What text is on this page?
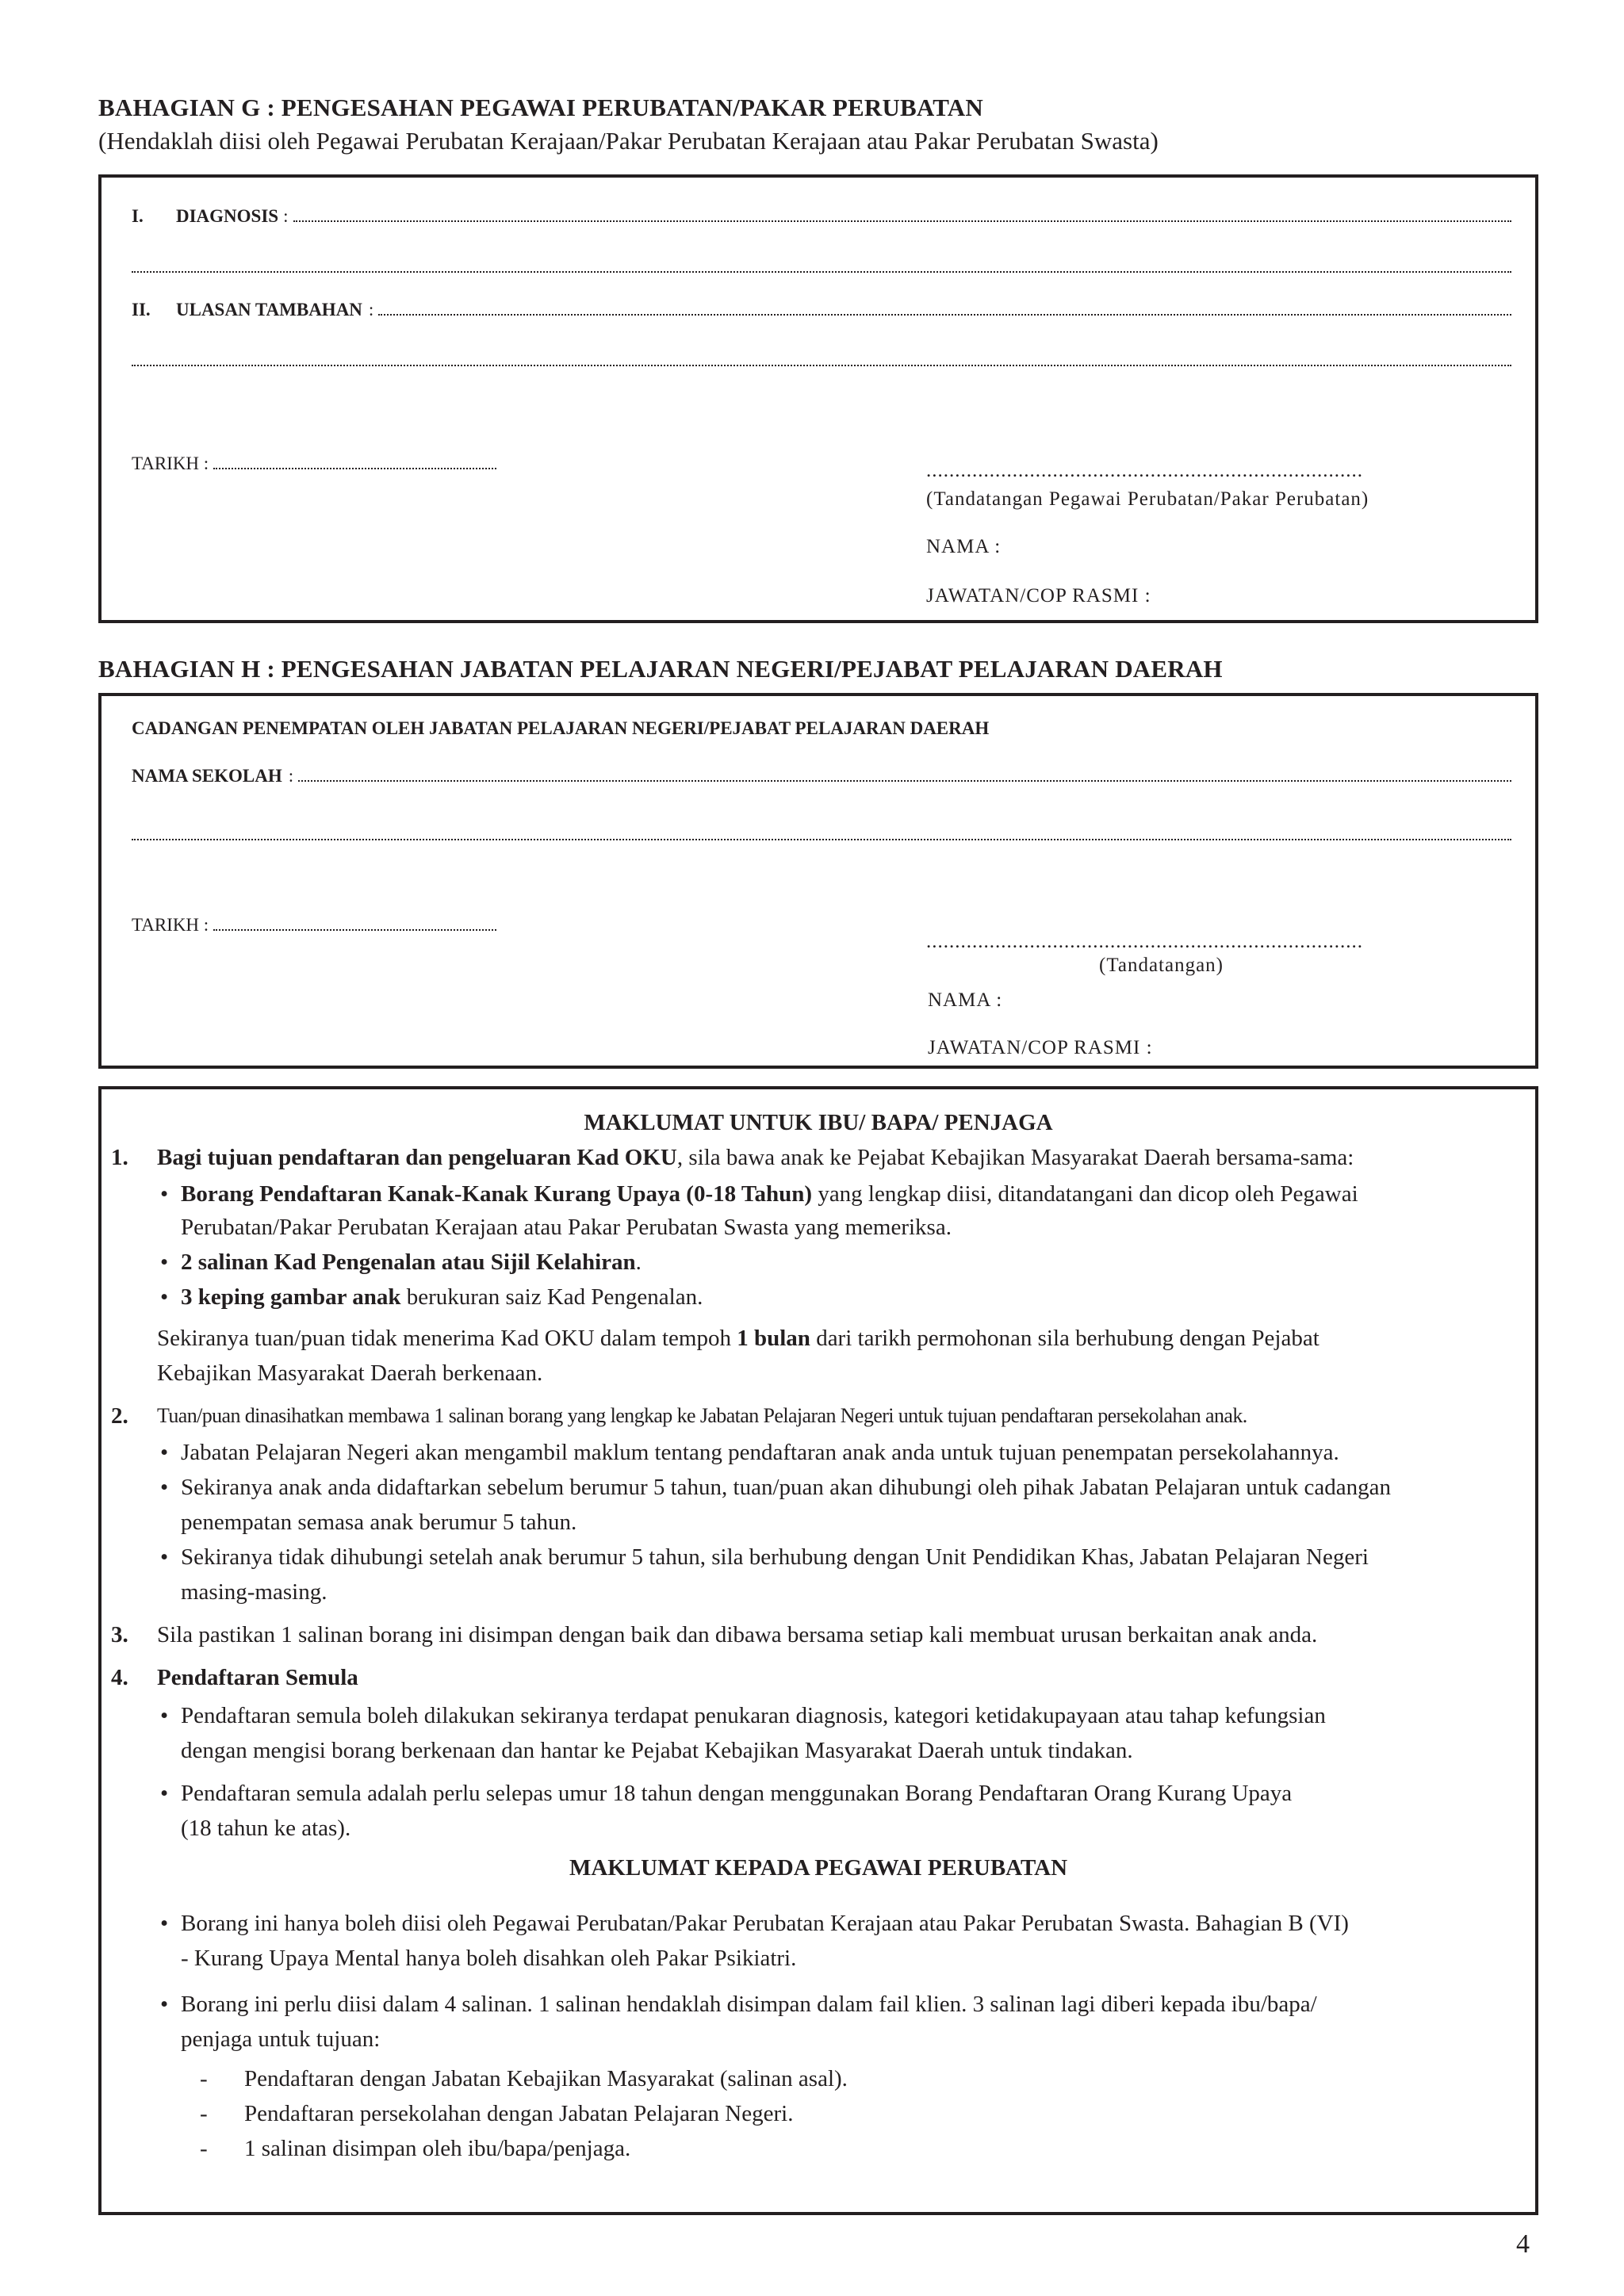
BAHAGIAN G : PENGESAHAN PEGAWAI PERUBATAN/PAKAR PERUBATAN
(Hendaklah diisi oleh Pegawai Perubatan Kerajaan/Pakar Perubatan Kerajaan atau Pakar Perubatan Swasta)
I.	DIAGNOSIS :
II.	ULASAN TAMBAHAN :
TARIKH :	............................................................................
(Tandatangan Pegawai Perubatan/Pakar Perubatan)
NAMA :
JAWATAN/COP RASMI :
BAHAGIAN H : PENGESAHAN JABATAN PELAJARAN NEGERI/PEJABAT PELAJARAN DAERAH
CADANGAN PENEMPATAN OLEH JABATAN PELAJARAN NEGERI/PEJABAT PELAJARAN DAERAH
NAMA SEKOLAH :
TARIKH :
............................................................................
(Tandatangan)
NAMA :
JAWATAN/COP RASMI :
MAKLUMAT UNTUK IBU/ BAPA/ PENJAGA
1. Bagi tujuan pendaftaran dan pengeluaran Kad OKU, sila bawa anak ke Pejabat Kebajikan Masyarakat Daerah bersama-sama:
• Borang Pendaftaran Kanak-Kanak Kurang Upaya (0-18 Tahun) yang lengkap diisi, ditandatangani dan dicop oleh Pegawai
Perubatan/Pakar Perubatan Kerajaan atau Pakar Perubatan Swasta yang memeriksa.
• 2 salinan Kad Pengenalan atau Sijil Kelahiran.
• 3 keping gambar anak berukuran saiz Kad Pengenalan.
Sekiranya tuan/puan tidak menerima Kad OKU dalam tempoh 1 bulan dari tarikh permohonan sila berhubung dengan Pejabat
Kebajikan Masyarakat Daerah berkenaan.
2. Tuan/puan dinasihatkan membawa 1 salinan borang yang lengkap ke Jabatan Pelajaran Negeri untuk tujuan pendaftaran persekolahan anak.
• Jabatan Pelajaran Negeri akan mengambil maklum tentang pendaftaran anak anda untuk tujuan penempatan persekolahannya.
• Sekiranya anak anda didaftarkan sebelum berumur 5 tahun, tuan/puan akan dihubungi oleh pihak Jabatan Pelajaran untuk cadangan
penempatan semasa anak berumur 5 tahun.
• Sekiranya tidak dihubungi setelah anak berumur 5 tahun, sila berhubung dengan Unit Pendidikan Khas, Jabatan Pelajaran Negeri
masing-masing.
3. Sila pastikan 1 salinan borang ini disimpan dengan baik dan dibawa bersama setiap kali membuat urusan berkaitan anak anda.
4. Pendaftaran Semula
• Pendaftaran semula boleh dilakukan sekiranya terdapat penukaran diagnosis, kategori ketidakupayaan atau tahap kefungsian
dengan mengisi borang berkenaan dan hantar ke Pejabat Kebajikan Masyarakat Daerah untuk tindakan.
• Pendaftaran semula adalah perlu selepas umur 18 tahun dengan menggunakan Borang Pendaftaran Orang Kurang Upaya
(18 tahun ke atas).
MAKLUMAT KEPADA PEGAWAI PERUBATAN
• Borang ini hanya boleh diisi oleh Pegawai Perubatan/Pakar Perubatan Kerajaan atau Pakar Perubatan Swasta. Bahagian B (VI)
- Kurang Upaya Mental hanya boleh disahkan oleh Pakar Psikiatri.
• Borang ini perlu diisi dalam 4 salinan. 1 salinan hendaklah disimpan dalam fail klien. 3 salinan lagi diberi kepada ibu/bapa/
penjaga untuk tujuan:
- Pendaftaran dengan Jabatan Kebajikan Masyarakat (salinan asal).
- Pendaftaran persekolahan dengan Jabatan Pelajaran Negeri.
- 1 salinan disimpan oleh ibu/bapa/penjaga.
4
